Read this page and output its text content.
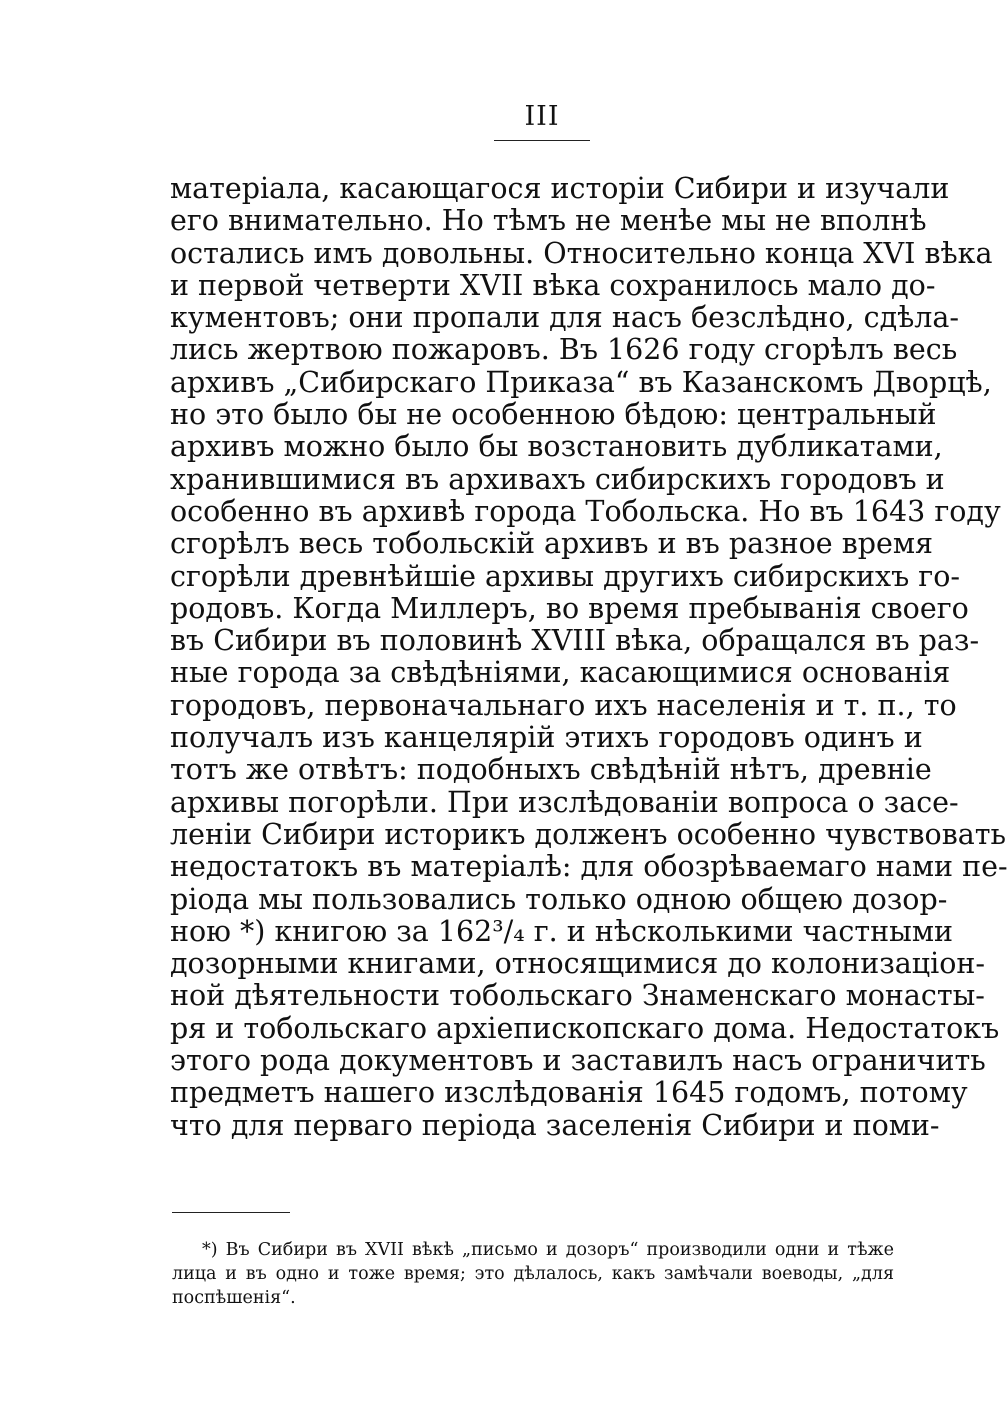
III
матеріала, касающагося исторіи Сибири и изучали
его внимательно. Но тѣмъ не менѣе мы не вполнѣ
остались имъ довольны. Относительно конца XVI вѣка
и первой четверти XVII вѣка сохранилось мало до-
кументовъ; они пропали для насъ безслѣдно, сдѣла-
лись жертвою пожаровъ. Въ 1626 году сгорѣлъ весь
архивъ „Сибирскаго Приказа“ въ Казанскомъ Дворцѣ,
но это было бы не особенною бѣдою: центральный
архивъ можно было бы возстановить дубликатами,
хранившимися въ архивахъ сибирскихъ городовъ и
особенно въ архивѣ города Тобольска. Но въ 1643 году
сгорѣлъ весь тобольскій архивъ и въ разное время
сгорѣли древнѣйшіе архивы другихъ сибирскихъ го-
родовъ. Когда Миллеръ, во время пребыванія своего
въ Сибири въ половинѣ XVIII вѣка, обращался въ раз-
ные города за свѣдѣніями, касающимися основанія
городовъ, первоначальнаго ихъ населенія и т. п., то
получалъ изъ канцелярій этихъ городовъ одинъ и
тотъ же отвѣтъ: подобныхъ свѣдѣній нѣтъ, древніе
архивы погорѣли. При изслѣдованіи вопроса о засе-
леніи Сибири историкъ долженъ особенно чувствовать
недостатокъ въ матеріалѣ: для обозрѣваемаго нами пе-
ріода мы пользовались только одною общею дозор-
ною *) книгою за 162³/₄ г. и нѣсколькими частными
дозорными книгами, относящимися до колонизаціон-
ной дѣятельности тобольскаго Знаменскаго монасты-
ря и тобольскаго архіепископскаго дома. Недостатокъ
этого рода документовъ и заставилъ насъ ограничить
предметъ нашего изслѣдованія 1645 годомъ, потому
что для перваго періода заселенія Сибири и поми-
*) Въ Сибири въ XVII вѣкѣ „письмо и дозоръ“ производили одни и тѣже
лица и въ одно и тоже время; это дѣлалось, какъ замѣчали воеводы, „для
поспѣшенія“.
